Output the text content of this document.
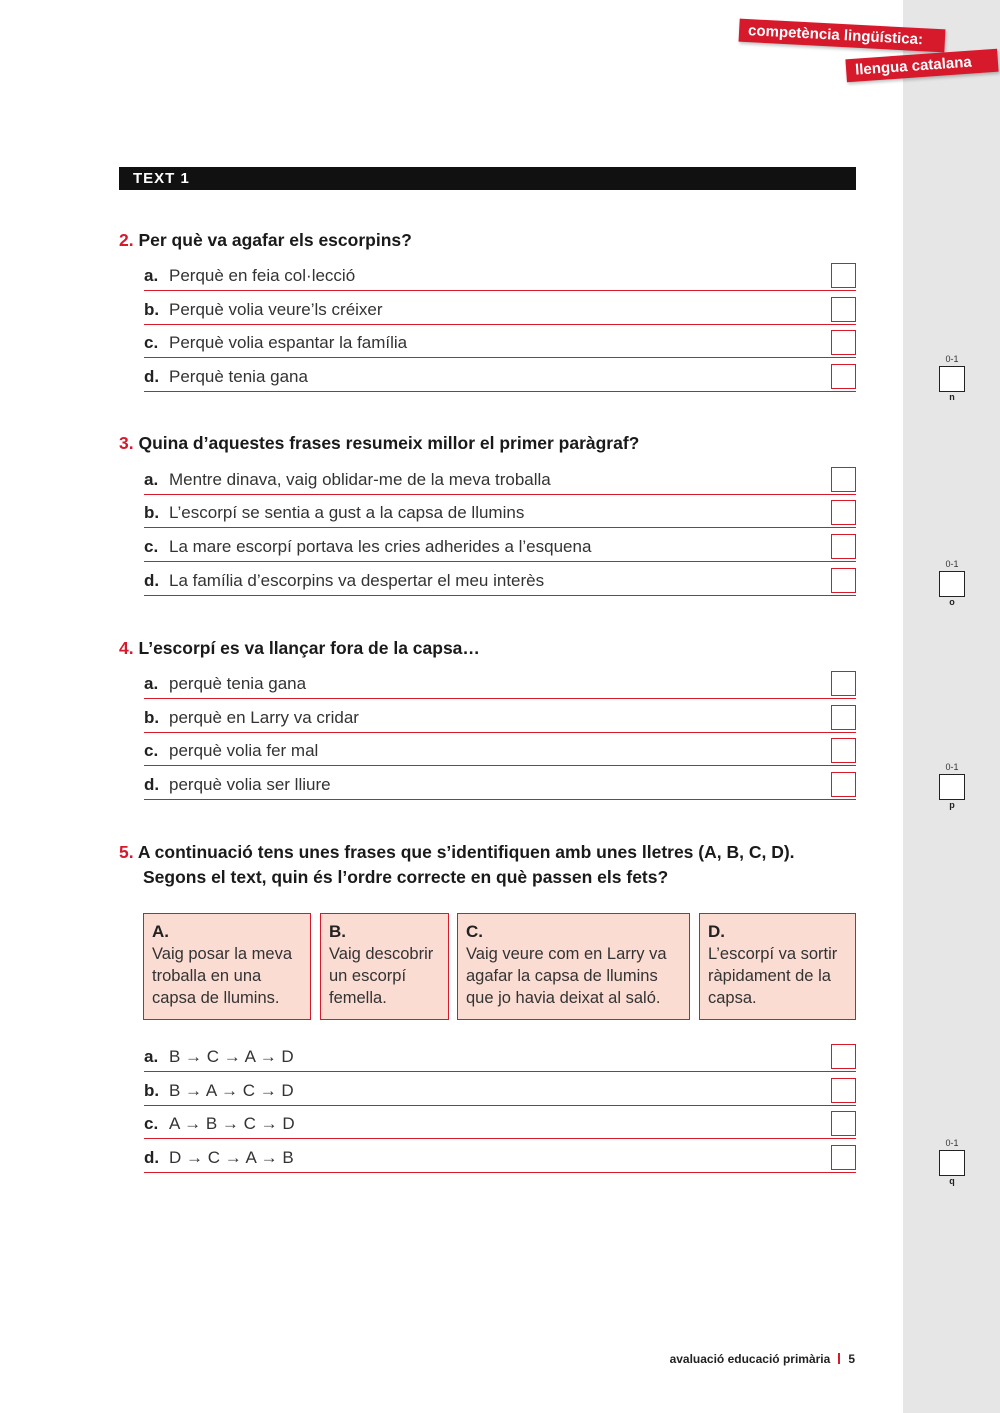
competència lingüística:
llengua catalana
TEXT 1
2. Per què va agafar els escorpins?
a. Perquè en feia col·lecció
b. Perquè volia veure’ls créixer
c. Perquè volia espantar la família
d. Perquè tenia gana
0-1
n
3. Quina d’aquestes frases resumeix millor el primer paràgraf?
a. Mentre dinava, vaig oblidar-me de la meva troballa
b. L’escorpí se sentia a gust a la capsa de llumins
c. La mare escorpí portava les cries adherides a l’esquena
d. La família d’escorpins va despertar el meu interès
0-1
o
4. L’escorpí es va llançar fora de la capsa…
a. perquè tenia gana
b. perquè en Larry va cridar
c. perquè volia fer mal
d. perquè volia ser lliure
0-1
p
5. A continuació tens unes frases que s’identifiquen amb unes lletres (A, B, C, D).
Segons el text, quin és l’ordre correcte en què passen els fets?
A.
Vaig posar la meva troballa en una capsa de llumins.
B.
Vaig descobrir un escorpí femella.
C.
Vaig veure com en Larry va agafar la capsa de llumins que jo havia deixat al saló.
D.
L’escorpí va sortir ràpidament de la capsa.
a. B → C → A → D
b. B → A → C → D
c. A → B → C → D
d. D → C → A → B
0-1
q
avaluació educació primària 5
